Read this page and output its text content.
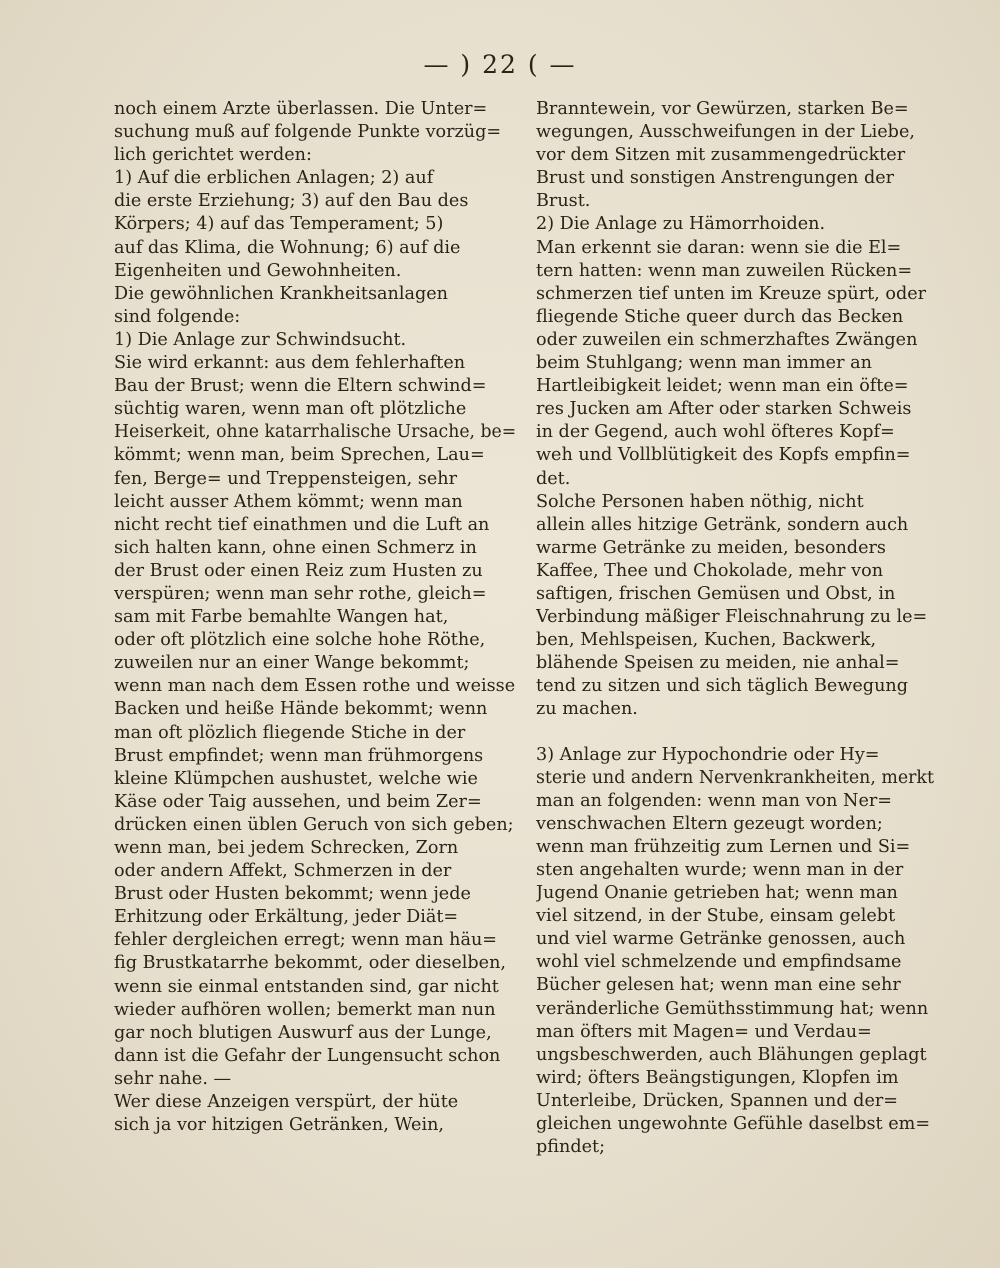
— ) 22 ( —
noch einem Arzte überlassen. Die Unter=
suchung muß auf folgende Punkte vorzüg=
lich gerichtet werden:
1) Auf die erblichen Anlagen; 2) auf
die erste Erziehung; 3) auf den Bau des
Körpers; 4) auf das Temperament; 5)
auf das Klima, die Wohnung; 6) auf die
Eigenheiten und Gewohnheiten.
Die gewöhnlichen Krankheitsanlagen
sind folgende:
1) Die Anlage zur Schwindsucht.
Sie wird erkannt: aus dem fehlerhaften
Bau der Brust; wenn die Eltern schwind=
süchtig waren, wenn man oft plötzliche
Heiserkeit, ohne katarrhalische Ursache, be=
kömmt; wenn man, beim Sprechen, Lau=
fen, Berge= und Treppensteigen, sehr
leicht ausser Athem kömmt; wenn man
nicht recht tief einathmen und die Luft an
sich halten kann, ohne einen Schmerz in
der Brust oder einen Reiz zum Husten zu
verspüren; wenn man sehr rothe, gleich=
sam mit Farbe bemahlte Wangen hat,
oder oft plötzlich eine solche hohe Röthe,
zuweilen nur an einer Wange bekommt;
wenn man nach dem Essen rothe und weisse
Backen und heiße Hände bekommt; wenn
man oft plözlich fliegende Stiche in der
Brust empfindet; wenn man frühmorgens
kleine Klümpchen aushustet, welche wie
Käse oder Taig aussehen, und beim Zer=
drücken einen üblen Geruch von sich geben;
wenn man, bei jedem Schrecken, Zorn
oder andern Affekt, Schmerzen in der
Brust oder Husten bekommt; wenn jede
Erhitzung oder Erkältung, jeder Diät=
fehler dergleichen erregt; wenn man häu=
fig Brustkatarrhe bekommt, oder dieselben,
wenn sie einmal entstanden sind, gar nicht
wieder aufhören wollen; bemerkt man nun
gar noch blutigen Auswurf aus der Lunge,
dann ist die Gefahr der Lungensucht schon
sehr nahe. —
Wer diese Anzeigen verspürt, der hüte
sich ja vor hitzigen Getränken, Wein,
Branntewein, vor Gewürzen, starken Be=
wegungen, Ausschweifungen in der Liebe,
vor dem Sitzen mit zusammengedrückter
Brust und sonstigen Anstrengungen der
Brust.
2) Die Anlage zu Hämorrhoiden.
Man erkennt sie daran: wenn sie die El=
tern hatten: wenn man zuweilen Rücken=
schmerzen tief unten im Kreuze spürt, oder
fliegende Stiche queer durch das Becken
oder zuweilen ein schmerzhaftes Zwängen
beim Stuhlgang; wenn man immer an
Hartleibigkeit leidet; wenn man ein öfte=
res Jucken am After oder starken Schweis
in der Gegend, auch wohl öfteres Kopf=
weh und Vollblütigkeit des Kopfs empfin=
det.
Solche Personen haben nöthig, nicht
allein alles hitzige Getränk, sondern auch
warme Getränke zu meiden, besonders
Kaffee, Thee und Chokolade, mehr von
saftigen, frischen Gemüsen und Obst, in
Verbindung mäßiger Fleischnahrung zu le=
ben, Mehlspeisen, Kuchen, Backwerk,
blähende Speisen zu meiden, nie anhal=
tend zu sitzen und sich täglich Bewegung
zu machen.
3) Anlage zur Hypochondrie oder Hy=
sterie und andern Nervenkrankheiten, merkt
man an folgenden: wenn man von Ner=
venschwachen Eltern gezeugt worden;
wenn man frühzeitig zum Lernen und Si=
sten angehalten wurde; wenn man in der
Jugend Onanie getrieben hat; wenn man
viel sitzend, in der Stube, einsam gelebt
und viel warme Getränke genossen, auch
wohl viel schmelzende und empfindsame
Bücher gelesen hat; wenn man eine sehr
veränderliche Gemüthsstimmung hat; wenn
man öfters mit Magen= und Verdau=
ungsbeschwerden, auch Blähungen geplagt
wird; öfters Beängstigungen, Klopfen im
Unterleibe, Drücken, Spannen und der=
gleichen ungewohnte Gefühle daselbst em=
pfindet;
